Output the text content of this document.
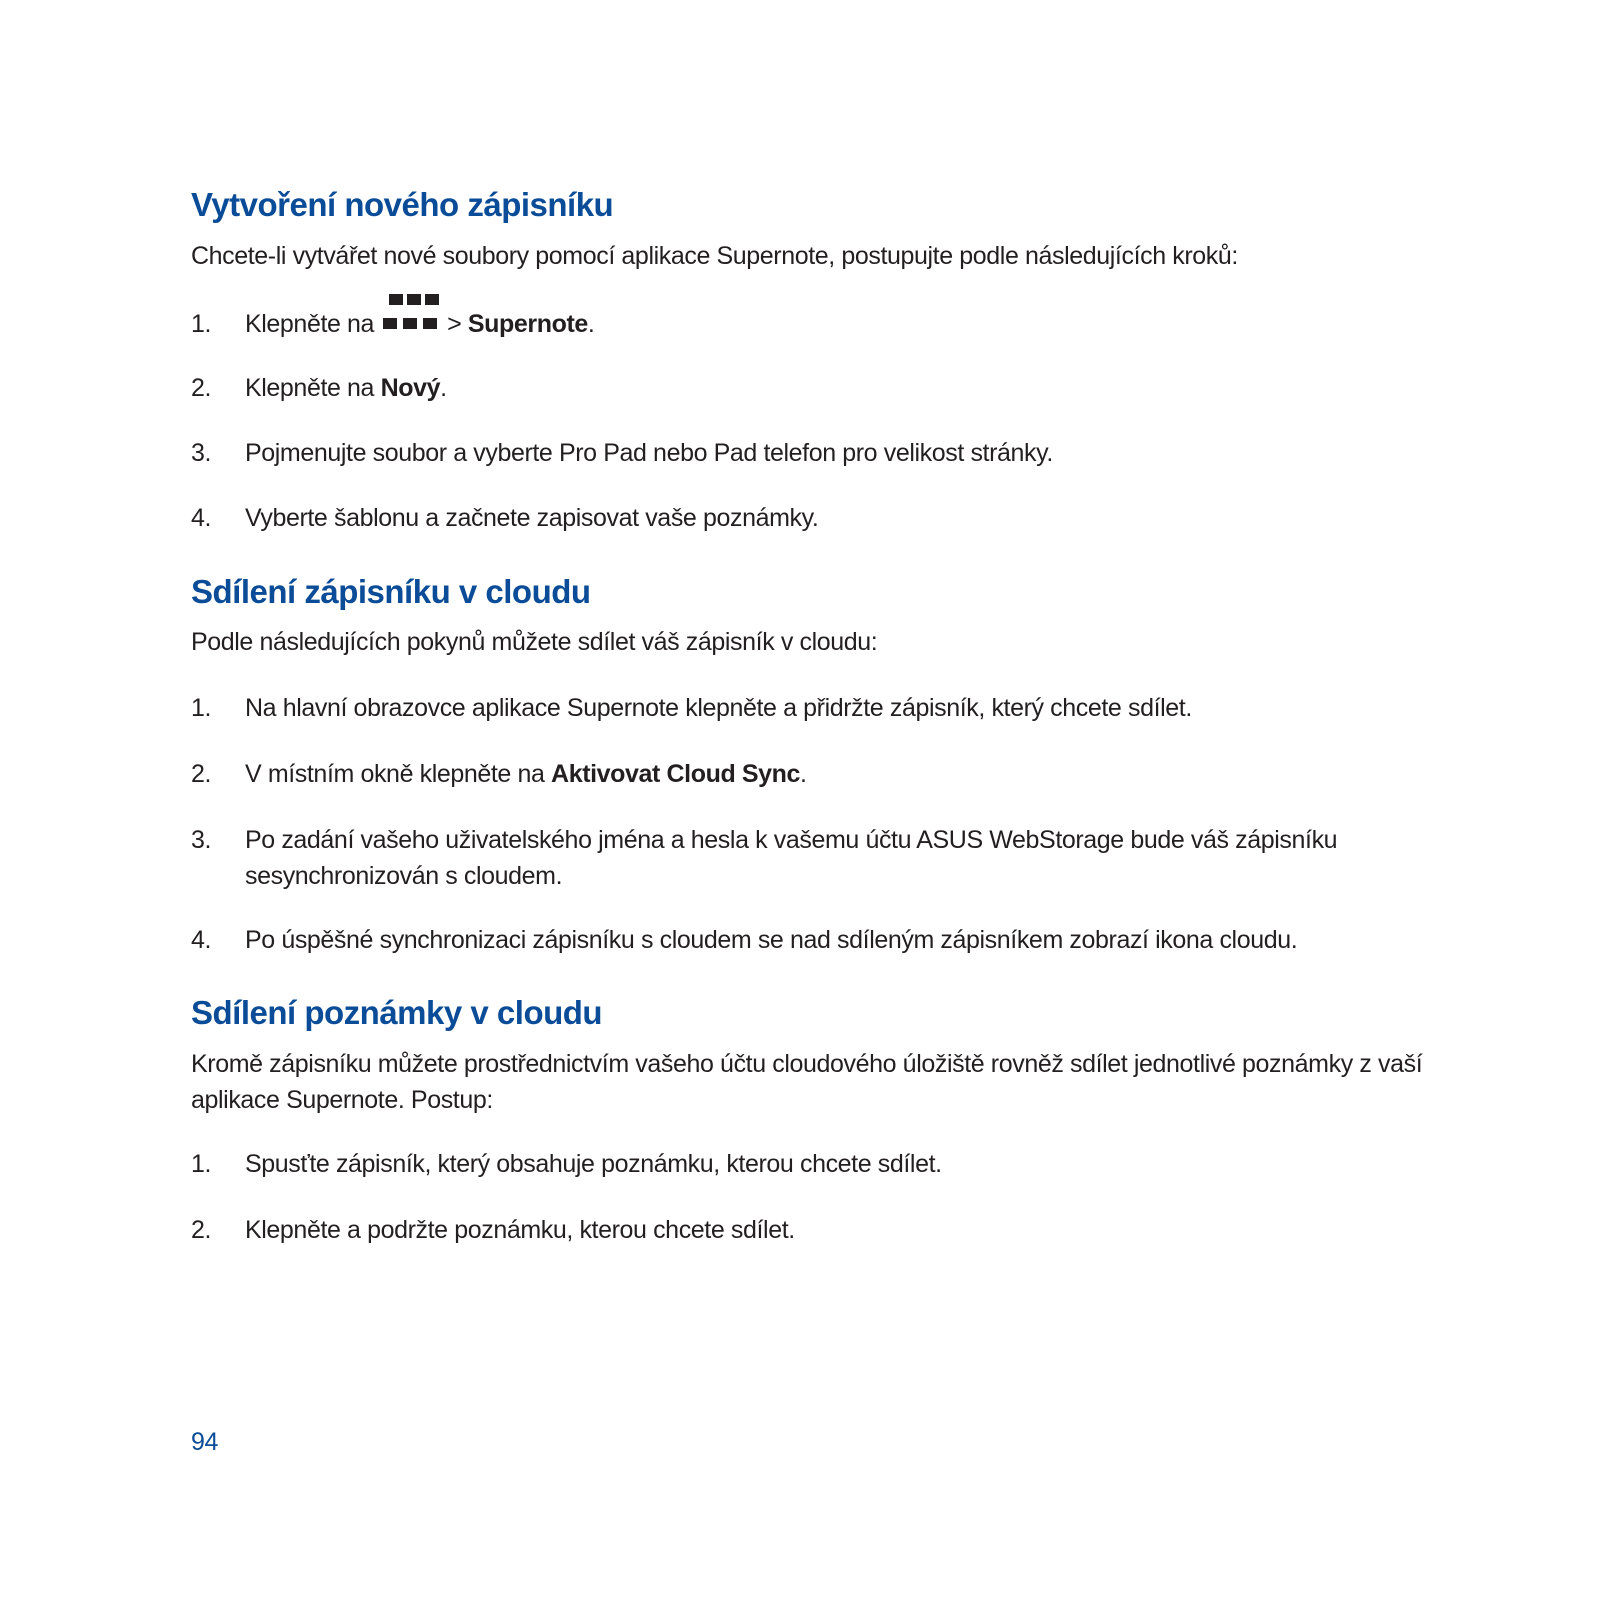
Vytvoření nového zápisníku
Chcete-li vytvářet nové soubory pomocí aplikace Supernote, postupujte podle následujících kroků:
1.	Klepněte na
> Supernote.
2.	Klepněte na Nový.
3.	Pojmenujte soubor a vyberte Pro Pad nebo Pad telefon pro velikost stránky.
4.	Vyberte šablonu a začnete zapisovat vaše poznámky.
Sdílení zápisníku v cloudu
Podle následujících pokynů můžete sdílet váš zápisník v cloudu:
1.	Na hlavní obrazovce aplikace Supernote klepněte a přidržte zápisník, který chcete sdílet.
2.	V místním okně klepněte na Aktivovat Cloud Sync.
3.	Po zadání vašeho uživatelského jména a hesla k vašemu účtu ASUS WebStorage bude váš zápisníku sesynchronizován s cloudem.
4.	Po úspěšné synchronizaci zápisníku s cloudem se nad sdíleným zápisníkem zobrazí ikona cloudu.
Sdílení poznámky v cloudu
Kromě zápisníku můžete prostřednictvím vašeho účtu cloudového úložiště rovněž sdílet jednotlivé poznámky z vaší aplikace Supernote. Postup:
1.	Spusťte zápisník, který obsahuje poznámku, kterou chcete sdílet.
2.	Klepněte a podržte poznámku, kterou chcete sdílet.
94
